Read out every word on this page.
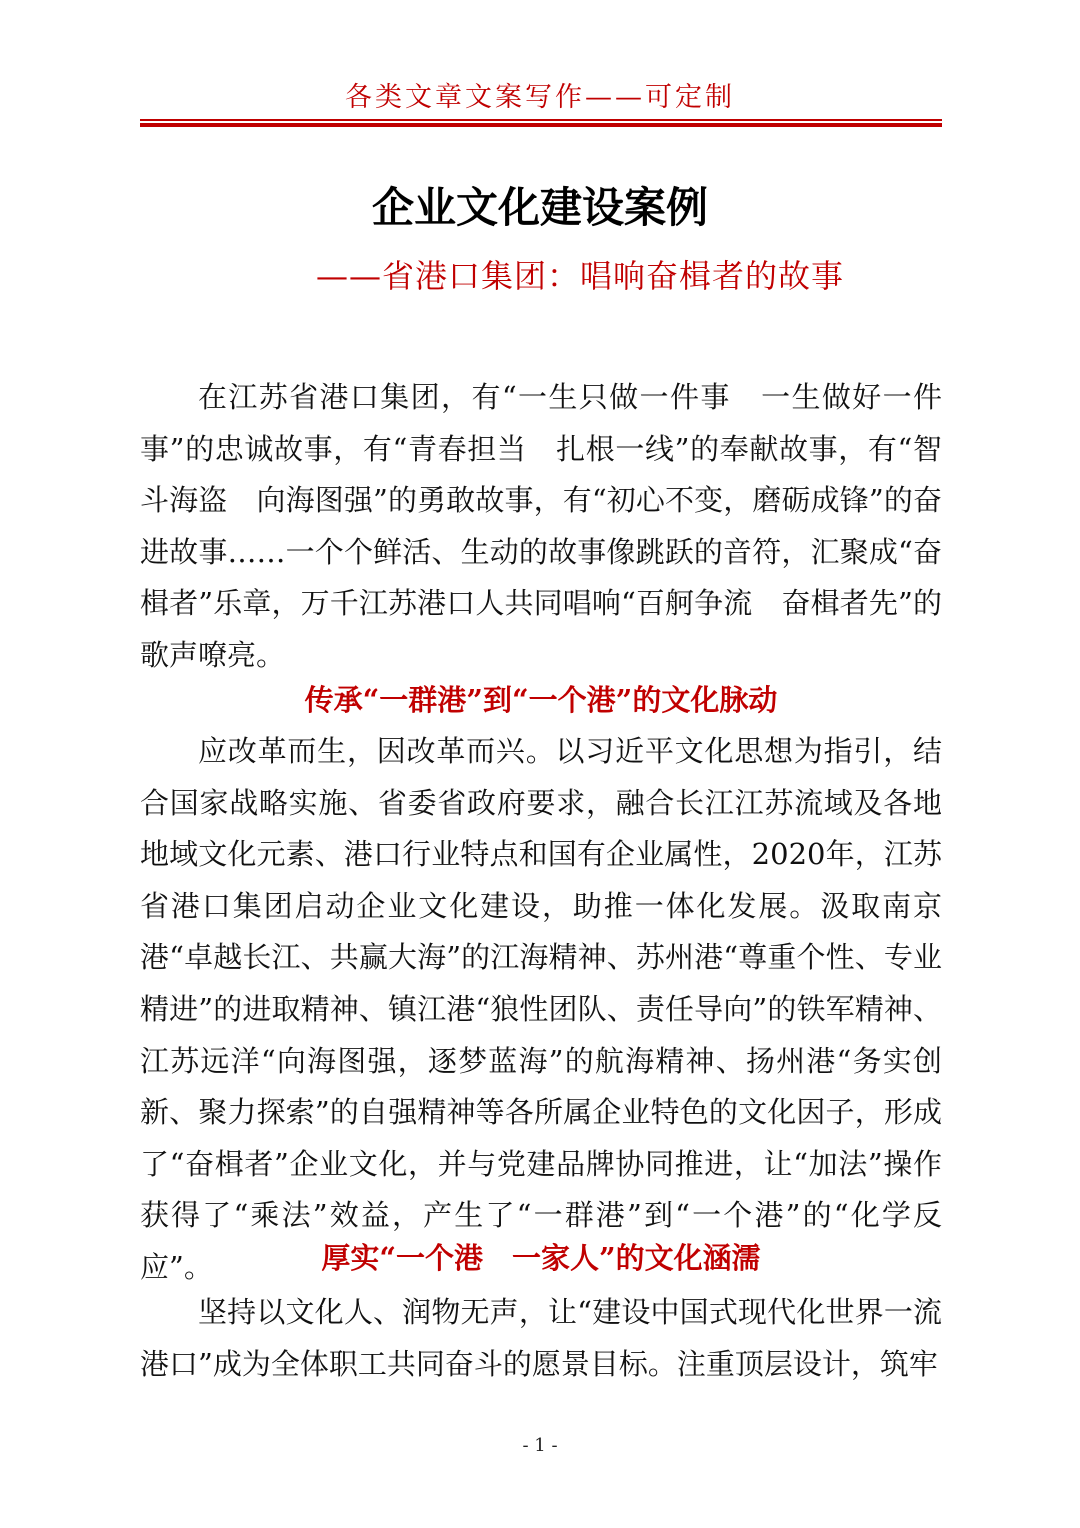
各类文章文案写作——可定制
企业文化建设案例
——省港口集团：唱响奋楫者的故事

在江苏省港口集团，有“一生只做一件事　一生做好一件事”的忠诚故事，有“青春担当　扎根一线”的奉献故事，有“智斗海盗　向海图强”的勇敢故事，有“初心不变，磨砺成锋”的奋进故事……一个个鲜活、生动的故事像跳跃的音符，汇聚成“奋楫者”乐章，万千江苏港口人共同唱响“百舸争流　奋楫者先”的歌声嘹亮。

传承“一群港”到“一个港”的文化脉动

应改革而生，因改革而兴。以习近平文化思想为指引，结合国家战略实施、省委省政府要求，融合长江江苏流域及各地地域文化元素、港口行业特点和国有企业属性，2020年，江苏省港口集团启动企业文化建设，助推一体化发展。汲取南京港“卓越长江、共赢大海”的江海精神、苏州港“尊重个性、专业精进”的进取精神、镇江港“狼性团队、责任导向”的铁军精神、江苏远洋“向海图强，逐梦蓝海”的航海精神、扬州港“务实创新、聚力探索”的自强精神等各所属企业特色的文化因子，形成了“奋楫者”企业文化，并与党建品牌协同推进，让“加法”操作获得了“乘法”效益，产生了“一群港”到“一个港”的“化学反应”。	厚实“一个港　一家人”的文化涵濡

坚持以文化人、润物无声，让“建设中国式现代化世界一流港口”成为全体职工共同奋斗的愿景目标。注重顶层设计，筑牢

- 1 -
